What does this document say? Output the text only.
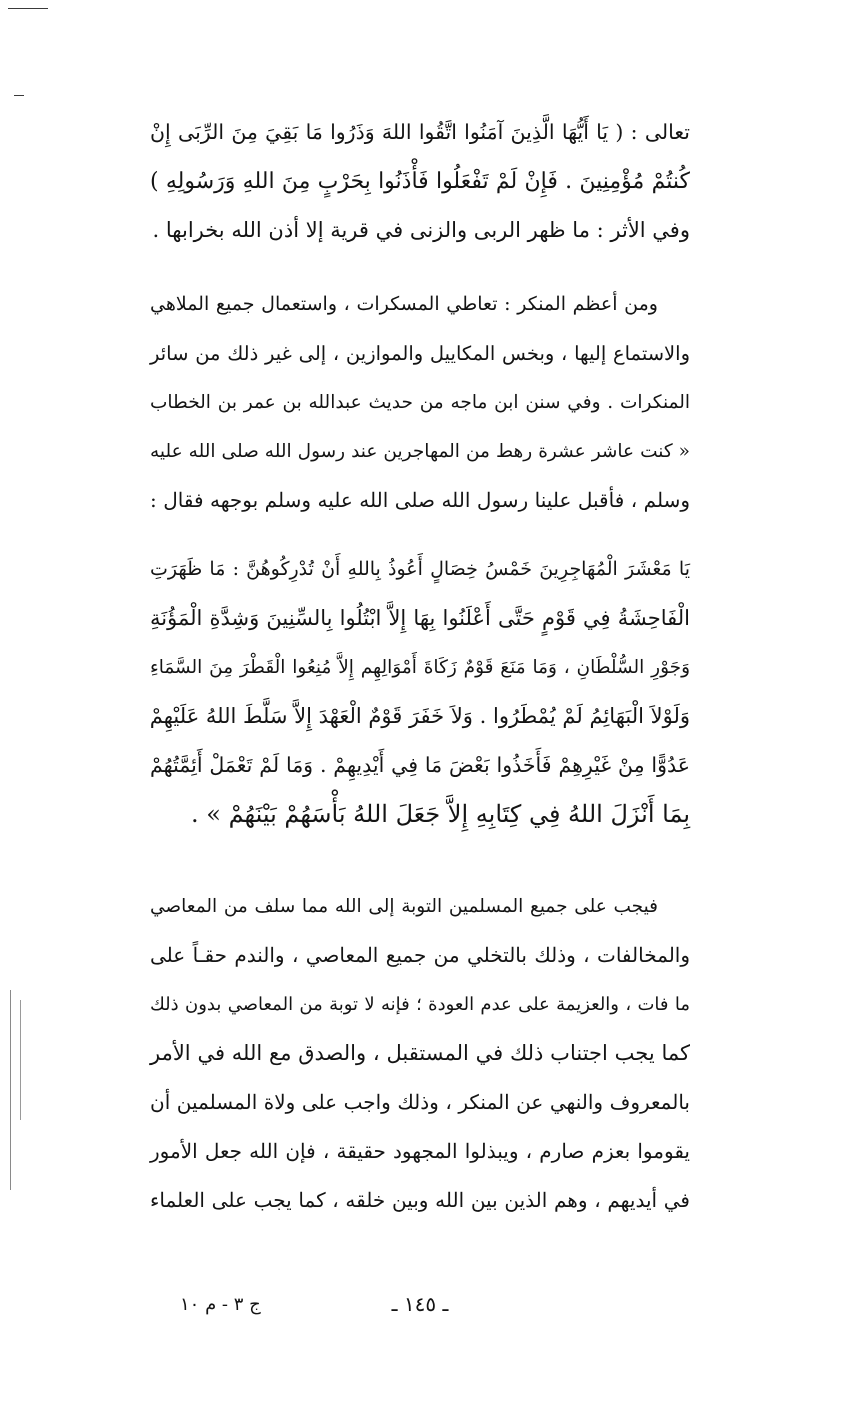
تعالى : ( يَا أَيُّهَا الَّذِينَ آمَنُوا اتَّقُوا اللهَ وَذَرُوا مَا بَقِيَ مِنَ الرِّبَى إِنْ
كُنتُمْ مُؤْمِنِينَ . فَإِنْ لَمْ تَفْعَلُوا فَأْذَنُوا بِحَرْبٍ مِنَ اللهِ وَرَسُولِهِ )
وفي الأثر : ما ظهر الربى والزنى في قرية إلا أذن الله بخرابها .
ومن أعظم المنكر : تعاطي المسكرات ، واستعمال جميع الملاهي
والاستماع إليها ، وبخس المكاييل والموازين ، إلى غير ذلك من سائر
المنكرات . وفي سنن ابن ماجه من حديث عبدالله بن عمر بن الخطاب
« كنت عاشر عشرة رهط من المهاجرين عند رسول الله صلى الله عليه
وسلم ، فأقبل علينا رسول الله صلى الله عليه وسلم بوجهه فقال :
يَا مَعْشَرَ الْمُهَاجِرِينَ خَمْسُ خِصَالٍ أَعُوذُ بِاللهِ أَنْ تُدْرِكُوهُنَّ : مَا ظَهَرَتِ
الْفَاحِشَةُ فِي قَوْمٍ حَتَّى أَعْلَنُوا بِهَا إِلاَّ ابْتُلُوا بِالسِّنِينَ وَشِدَّةِ الْمَؤُنَةِ
وَجَوْرِ السُّلْطَانِ ، وَمَا مَنَعَ قَوْمٌ زَكَاةَ أَمْوَالِهِم إِلاَّ مُنِعُوا الْقَطْرَ مِنَ السَّمَاءِ
وَلَوْلاَ الْبَهَائِمُ لَمْ يُمْطَرُوا . وَلاَ خَفَرَ قَوْمٌ الْعَهْدَ إِلاَّ سَلَّطَ اللهُ عَلَيْهِمْ
عَدُوًّا مِنْ غَيْرِهِمْ فَأَخَذُوا بَعْضَ مَا فِي أَيْدِيهِمْ . وَمَا لَمْ تَعْمَلْ أَئِمَّتُهُمْ
بِمَا أَنْزَلَ اللهُ فِي كِتَابِهِ إِلاَّ جَعَلَ اللهُ بَأْسَهُمْ بَيْنَهُمْ » .
فيجب على جميع المسلمين التوبة إلى الله مما سلف من المعاصي
والمخالفات ، وذلك بالتخلي من جميع المعاصي ، والندم حقـاً على
ما فات ، والعزيمة على عدم العودة ؛ فإنه لا توبة من المعاصي بدون ذلك
كما يجب اجتناب ذلك في المستقبل ، والصدق مع الله في الأمر
بالمعروف والنهي عن المنكر ، وذلك واجب على ولاة المسلمين أن
يقوموا بعزم صارم ، ويبذلوا المجهود حقيقة ، فإن الله جعل الأمور
في أيديهم ، وهم الذين بين الله وبين خلقه ، كما يجب على العلماء
ـ ١٤٥ ـ
ج ٣ - م ١٠
